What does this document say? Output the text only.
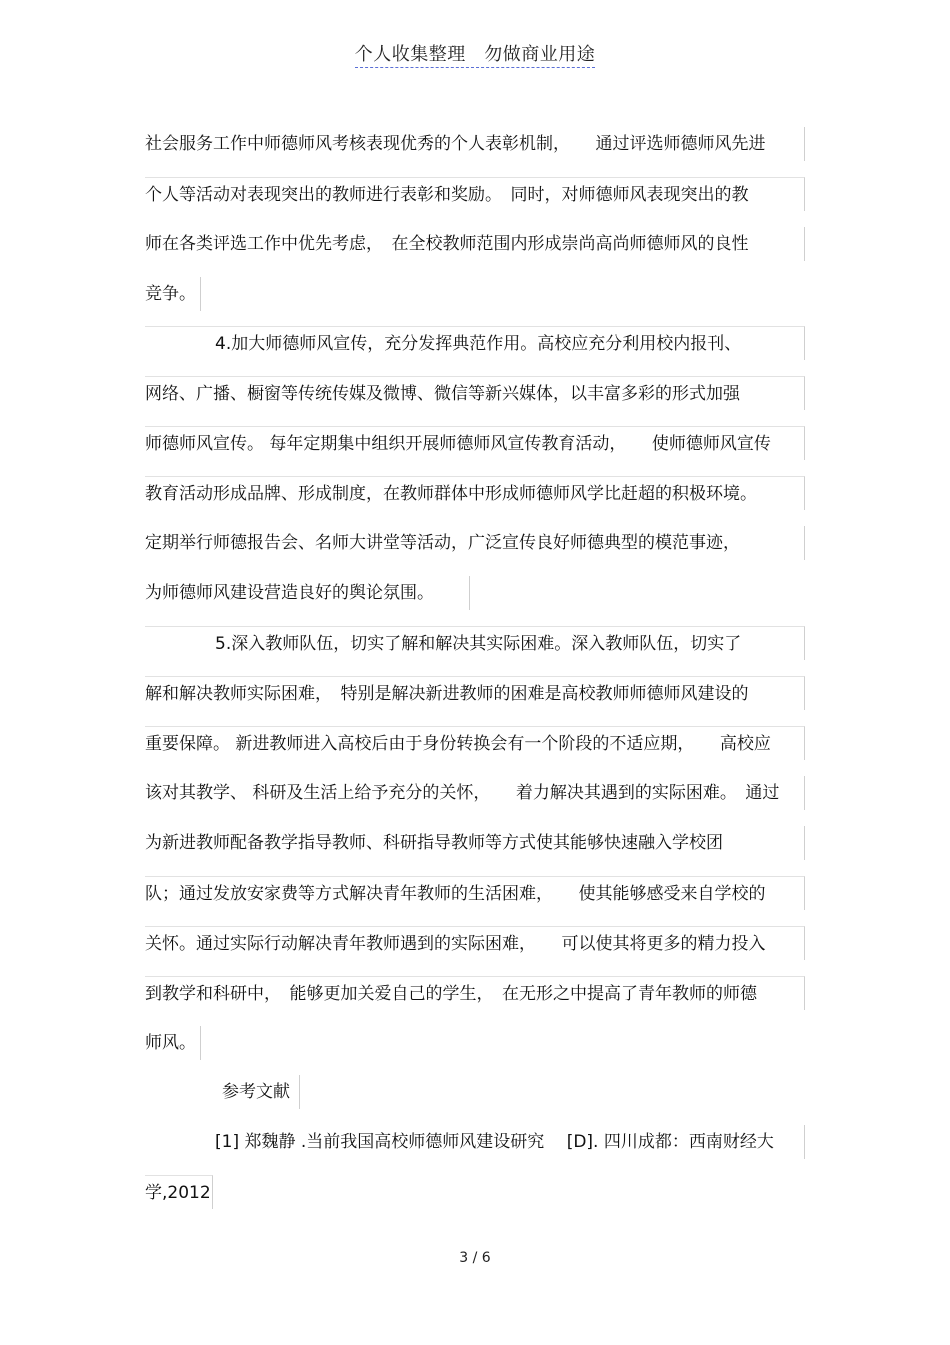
个人收集整理　勿做商业用途
社会服务工作中师德师风考核表现优秀的个人表彰机制，　　通过评选师德师风先进
个人等活动对表现突出的教师进行表彰和奖励。　同时，对师德师风表现突出的教
师在各类评选工作中优先考虑，　在全校教师范围内形成崇尚高尚师德师风的良性
竞争。
4.加大师德师风宣传，充分发挥典范作用。高校应充分利用校内报刊、
网络、广播、橱窗等传统传媒及微博、微信等新兴媒体，以丰富多彩的形式加强
师德师风宣传。 每年定期集中组织开展师德师风宣传教育活动，　　使师德师风宣传
教育活动形成品牌、形成制度，在教师群体中形成师德师风学比赶超的积极环境。
定期举行师德报告会、名师大讲堂等活动，广泛宣传良好师德典型的模范事迹，
为师德师风建设营造良好的舆论氛围。
5.深入教师队伍，切实了解和解决其实际困难。深入教师队伍，切实了
解和解决教师实际困难，　特别是解决新进教师的困难是高校教师师德师风建设的
重要保障。 新进教师进入高校后由于身份转换会有一个阶段的不适应期，　　高校应
该对其教学、 科研及生活上给予充分的关怀，　　着力解决其遇到的实际困难。　通过
为新进教师配备教学指导教师、科研指导教师等方式使其能够快速融入学校团
队；通过发放安家费等方式解决青年教师的生活困难，　　使其能够感受来自学校的
关怀。通过实际行动解决青年教师遇到的实际困难，　　可以使其将更多的精力投入
到教学和科研中，　能够更加关爱自己的学生，　在无形之中提高了青年教师的师德
师风。
参考文献
[1] 郑魏静 .当前我国高校师德师风建设研究　 [D]. 四川成都：西南财经大
学,2012
3 / 6
